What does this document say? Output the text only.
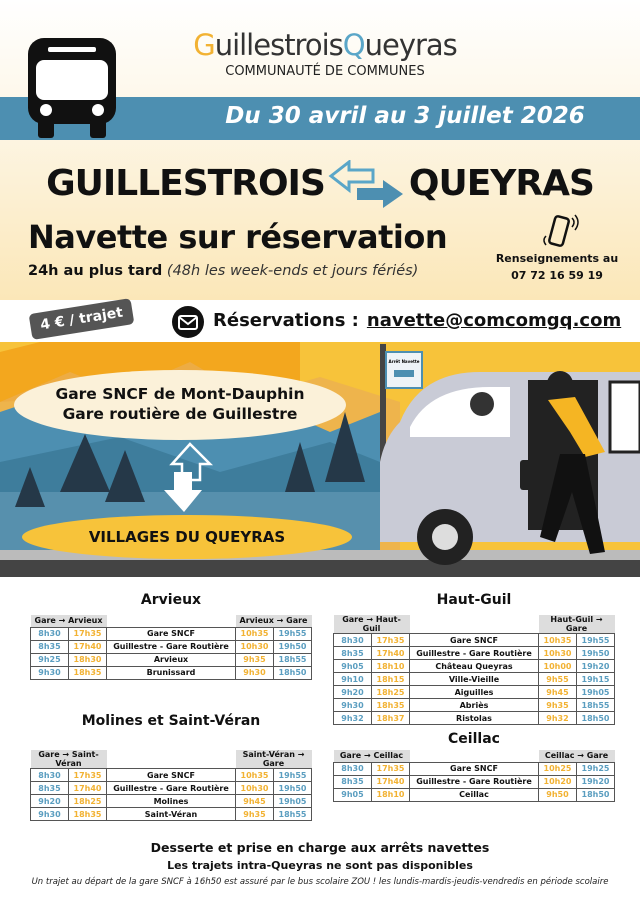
Du 30 avril au 3 juillet 2026
GuillestroisQueyras
COMMUNAUTÉ DE COMMUNES
GUILLESTROIS QUEYRAS
Navette sur réservation
24h au plus tard (48h les week-ends et jours fériés)
Renseignements au
07 72 16 59 19
4 € / trajet	Réservations : navette@comcomgq.com
Arrêt Navette
Gare SNCF de Mont-Dauphin
Gare routière de Guillestre
VILLAGES DU QUEYRAS
Arvieux
Gare → Arvieux			Arvieux → Gare	
8h30	17h35	Gare SNCF	10h35	19h55
8h35	17h40	Guillestre - Gare Routière	10h30	19h50
9h25	18h30	Arvieux	9h35	18h55
9h30	18h35	Brunissard	9h30	18h50
Haut-Guil
Gare → Haut-Guil			Haut-Guil → Gare	
8h30	17h35	Gare SNCF	10h35	19h55
8h35	17h40	Guillestre - Gare Routière	10h30	19h50
9h05	18h10	Château Queyras	10h00	19h20
9h10	18h15	Ville-Vieille	9h55	19h15
9h20	18h25	Aiguilles	9h45	19h05
9h30	18h35	Abriès	9h35	18h55
9h32	18h37	Ristolas	9h32	18h50
Molines et Saint-Véran
Gare → Saint-Véran			Saint-Véran → Gare	
8h30	17h35	Gare SNCF	10h35	19h55
8h35	17h40	Guillestre - Gare Routière	10h30	19h50
9h20	18h25	Molines	9h45	19h05
9h30	18h35	Saint-Véran	9h35	18h55
Ceillac
Gare → Ceillac			Ceillac → Gare	
8h30	17h35	Gare SNCF	10h25	19h25
8h35	17h40	Guillestre - Gare Routière	10h20	19h20
9h05	18h10	Ceillac	9h50	18h50
Desserte et prise en charge aux arrêts navettes
Les trajets intra-Queyras ne sont pas disponibles
Un trajet au départ de la gare SNCF à 16h50 est assuré par le bus scolaire ZOU ! les lundis-mardis-jeudis-vendredis en période scolaire
